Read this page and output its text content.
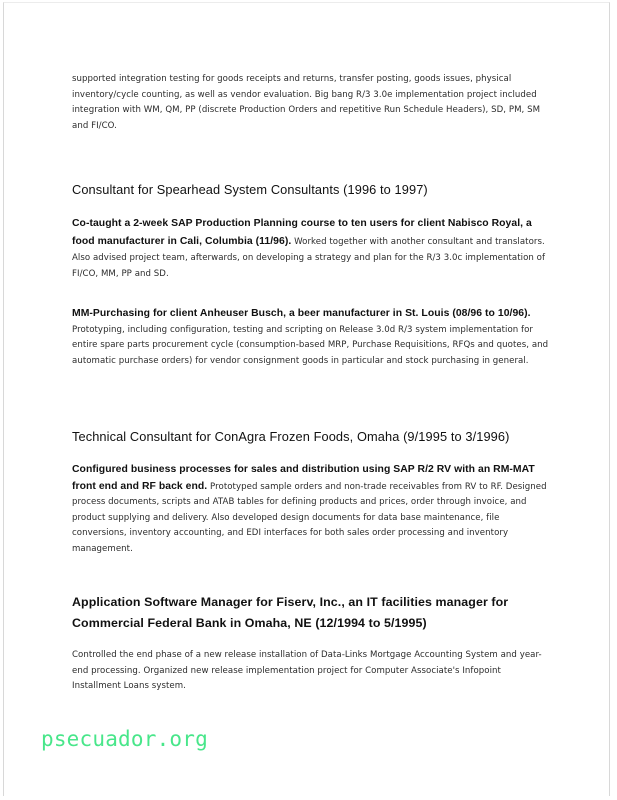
supported integration testing for goods receipts and returns, transfer posting, goods issues, physical inventory/cycle counting, as well as vendor evaluation. Big bang R/3 3.0e implementation project included integration with WM, QM, PP (discrete Production Orders and repetitive Run Schedule Headers), SD, PM, SM and FI/CO.

Consultant for Spearhead System Consultants (1996 to 1997)

Co-taught a 2-week SAP Production Planning course to ten users for client Nabisco Royal, a food manufacturer in Cali, Columbia (11/96). Worked together with another consultant and translators. Also advised project team, afterwards, on developing a strategy and plan for the R/3 3.0c implementation of FI/CO, MM, PP and SD.

MM-Purchasing for client Anheuser Busch, a beer manufacturer in St. Louis (08/96 to 10/96). Prototyping, including configuration, testing and scripting on Release 3.0d R/3 system implementation for entire spare parts procurement cycle (consumption-based MRP, Purchase Requisitions, RFQs and quotes, and automatic purchase orders) for vendor consignment goods in particular and stock purchasing in general.

Technical Consultant for ConAgra Frozen Foods, Omaha (9/1995 to 3/1996)

Configured business processes for sales and distribution using SAP R/2 RV with an RM-MAT front end and RF back end. Prototyped sample orders and non-trade receivables from RV to RF. Designed process documents, scripts and ATAB tables for defining products and prices, order through invoice, and product supplying and delivery. Also developed design documents for data base maintenance, file conversions, inventory accounting, and EDI interfaces for both sales order processing and inventory management.

Application Software Manager for Fiserv, Inc., an IT facilities manager for Commercial Federal Bank in Omaha, NE (12/1994 to 5/1995)

Controlled the end phase of a new release installation of Data-Links Mortgage Accounting System and year-end processing. Organized new release implementation project for Computer Associate's Infopoint Installment Loans system.

psecuador.org
